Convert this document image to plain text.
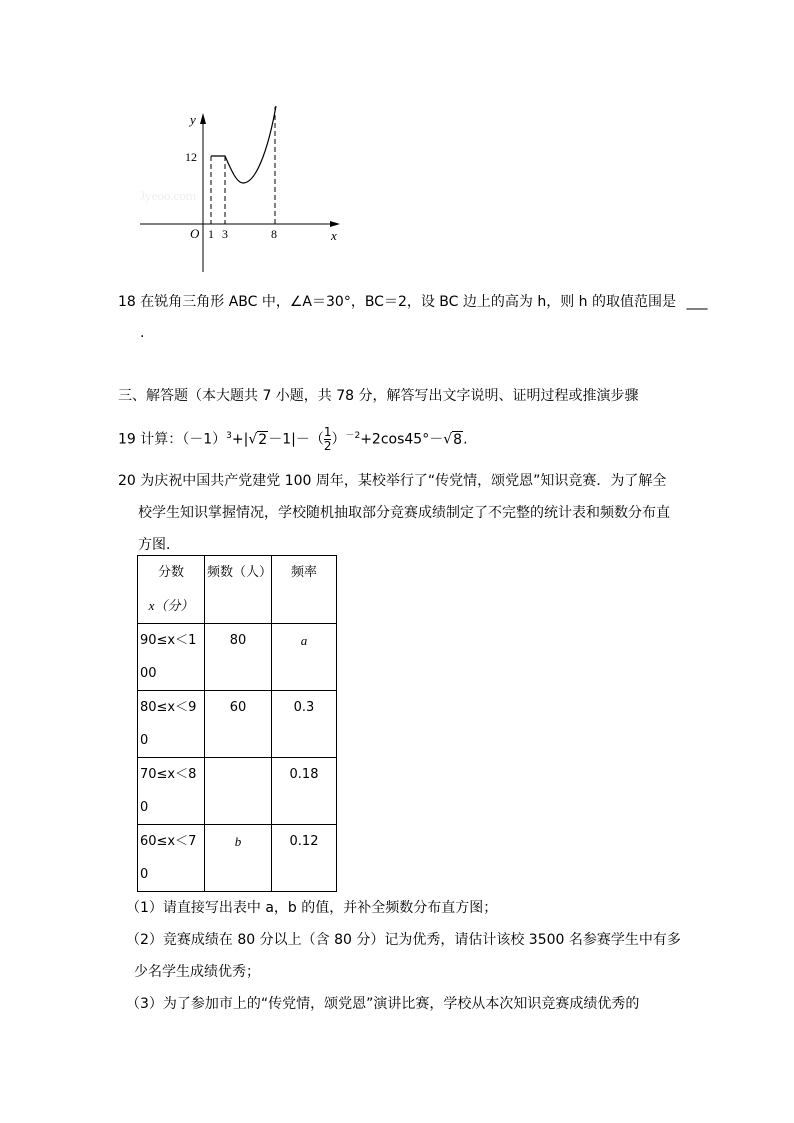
Jyeoo.com
y
x
O
12
1 3	8
18 在锐角三角形 ABC 中，∠A＝30°，BC＝2，设 BC 边上的高为 h，则 h 的取值范围是 ___
.
三、解答题（本大题共 7 小题，共 78 分，解答写出文字说明、证明过程或推演步骤
19 计算：$(-1)^3+|√2-1|-( \frac{1}{2} )^{-2}+2\cos 45^\circ-√8$.
20 为庆祝中国共产党建党 100 周年，某校举行了“传党情，颂党恩”知识竞赛．为了解全
校学生知识掌握情况，学校随机抽取部分竞赛成绩制定了不完整的统计表和频数分布直
方图．
分数
x（分）	频数（人）	频率
90≤x＜1
00	80	a
80≤x＜9
0	60	0.3
70≤x＜8
0		0.18
60≤x＜7
0	b	0.12
（1）请直接写出表中 a，b 的值，并补全频数分布直方图；
（2）竞赛成绩在 80 分以上（含 80 分）记为优秀，请估计该校 3500 名参赛学生中有多
少名学生成绩优秀；
（3）为了参加市上的“传党情，颂党恩”演讲比赛，学校从本次知识竞赛成绩优秀的
